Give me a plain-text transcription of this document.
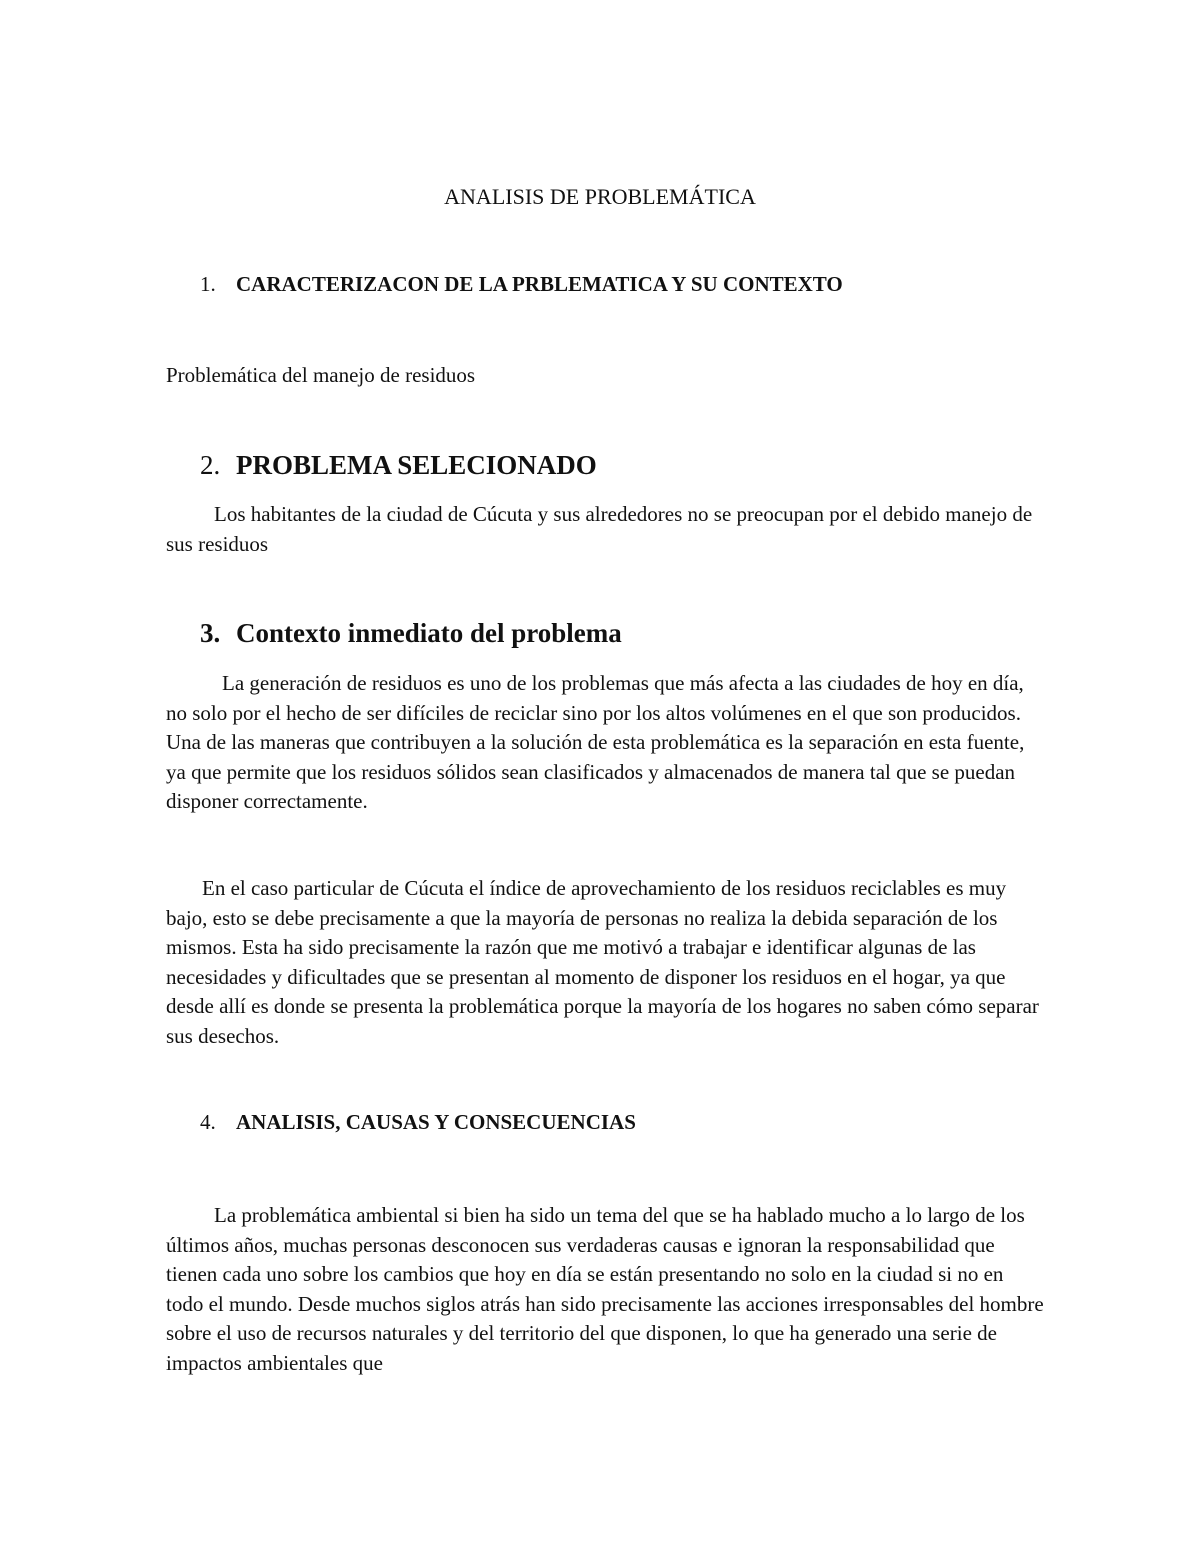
ANALISIS DE PROBLEMÁTICA
1. CARACTERIZACON DE LA PRBLEMATICA Y SU CONTEXTO

Problemática del manejo de residuos

2. PROBLEMA SELECIONADO

Los habitantes de la ciudad de Cúcuta y sus alrededores no se preocupan por el debido manejo de sus residuos

3. Contexto inmediato del problema

La generación de residuos es uno de los problemas que más afecta a las ciudades de hoy en día, no solo por el hecho de ser difíciles de reciclar sino por los altos volúmenes en el que son producidos. Una de las maneras que contribuyen a la solución de esta problemática es la separación en esta fuente, ya que permite que los residuos sólidos sean clasificados y almacenados de manera tal que se puedan disponer correctamente.

En el caso particular de Cúcuta el índice de aprovechamiento de los residuos reciclables es muy bajo, esto se debe precisamente a que la mayoría de personas no realiza la debida separación de los mismos. Esta ha sido precisamente la razón que me motivó a trabajar e identificar algunas de las necesidades y dificultades que se presentan al momento de disponer los residuos en el hogar, ya que desde allí es donde se presenta la problemática porque la mayoría de los hogares no saben cómo separar sus desechos.

4. ANALISIS, CAUSAS Y CONSECUENCIAS

La problemática ambiental si bien ha sido un tema del que se ha hablado mucho a lo largo de los últimos años, muchas personas desconocen sus verdaderas causas e ignoran la responsabilidad que tienen cada uno sobre los cambios que hoy en día se están presentando no solo en la ciudad si no en todo el mundo. Desde muchos siglos atrás han sido precisamente las acciones irresponsables del hombre sobre el uso de recursos naturales y del territorio del que disponen, lo que ha generado una serie de impactos ambientales que
